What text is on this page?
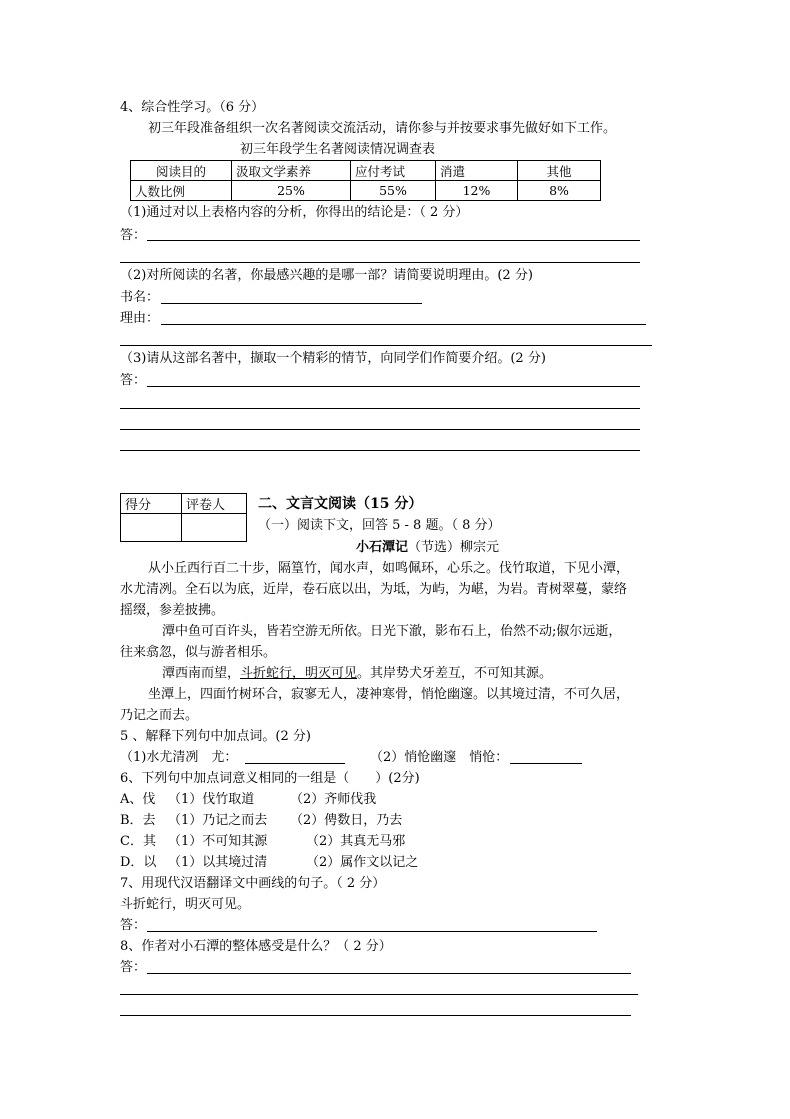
4、综合性学习。（6 分）
初三年段准备组织一次名著阅读交流活动，请你参与并按要求事先做好如下工作。
初三年段学生名著阅读情况调查表
阅读目的	汲取文学素养	应付考试	消遣	其他
人数比例	25%	55%	12%	8%
（1)通过对以上表格内容的分析，你得出的结论是：（ 2 分）
答：
（2)对所阅读的名著，你最感兴趣的是哪一部？请简要说明理由。(2 分)
书名：
理由：
（3)请从这部名著中，撷取一个精彩的情节，向同学们作简要介绍。(2 分)
答：
得分	评卷人
	二、文言文阅读（15 分）
（一）阅读下文，回答 5 - 8 题。（ 8 分）
小石潭记（节选）柳宗元
从小丘西行百二十步，隔篁竹，闻水声，如鸣佩环，心乐之。伐竹取道，下见小潭，
水尤清冽。全石以为底，近岸，卷石底以出，为坻，为屿，为嵁，为岩。青树翠蔓，蒙络
摇缀，参差披拂。
潭中鱼可百许头，皆若空游无所依。日光下澈，影布石上，佁然不动;俶尔远逝，
往来翕忽，似与游者相乐。
潭西南而望，斗折蛇行，明灭可见。其岸势犬牙差互，不可知其源。
坐潭上，四面竹树环合，寂寥无人，凄神寒骨，悄怆幽邃。以其境过清，不可久居，
乃记之而去。
5 、解释下列句中加点词。(2 分)
（1)水尤清冽　尤：	（2）悄怆幽邃　悄怆：
6、下列句中加点词意义相同的一组是（　　）(2分)
A、伐 （1）伐竹取道	（2）齐师伐我
B．去 （1）乃记之而去 （2）俜数日，乃去
C．其 （1）不可知其源	（2）其真无马邪
D．以 （1）以其境过清	（2）属作文以记之
7、用现代汉语翻译文中画线的句子。（ 2 分）
斗折蛇行，明灭可见。
答：
8、作者对小石潭的整体感受是什么？（ 2 分）
答：
